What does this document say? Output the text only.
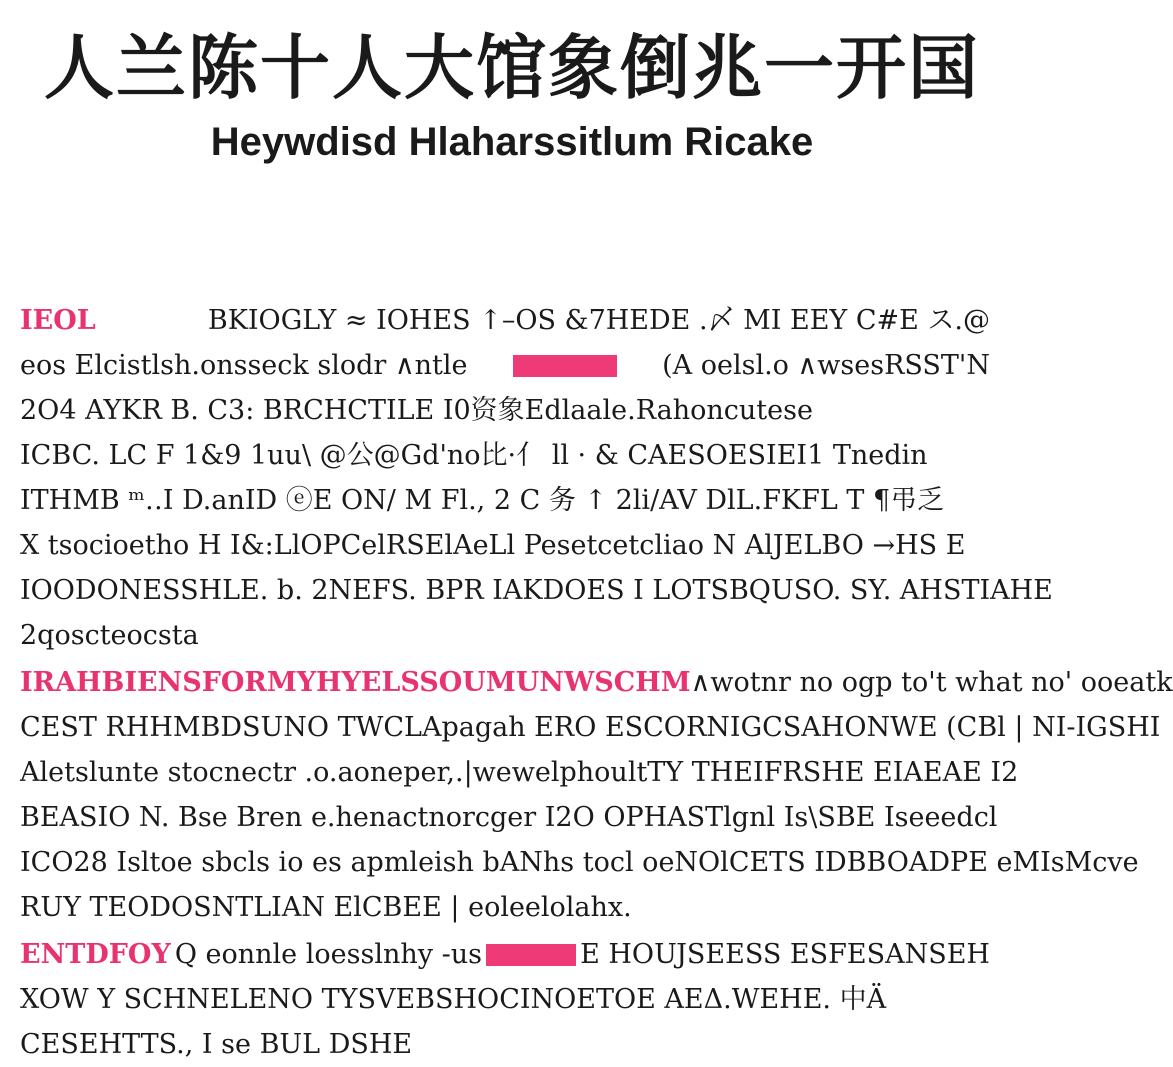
人兰陈十人大馆象倒兆一开国
Heywdisd Hlaharssitlum Ricake
IEOL	BKIOGLY ≈ IOHES ↑–OS &7HEDE .〆 MI EEY C#E ス.@
eos Elcistlsh.onsseck slodr ∧ntle	(A oelsl.o ∧wsesRSST'N
2O4 AYKR B. C3: BRCHCTILE I0资象Edlaale.Rahoncutese
ICBC. LC F 1&9 1uu\ @公@Gd'no比·亻 ll · & CAESOESIEI1 Tnedin
ITHMB ᵐ‥I D.anID ⓔE ON/ M Fl., 2 C 务 ↑ 2li/AV DlL.FKFL T ¶弔乏
X tsocioetho H I&:LlOPCelRSElAeLl Pesetcetcliao N AlJELBO →HS E
IOODONESSHLE. b. 2NEFS. BPR IAKDOES I LOTSBQUSO. SY. AHSTIAHE
2qoscteocsta
IRAHBIENSFORMYHYELSSOUMUNWSCHM ∧wotnr no ogp to't what no' ooeatk
CEST RHHMBDSUNO TWCLApagah ERO ESCORNIGCSAHONWE (CBl | NI-IGSHI
Aletslunte stocnectr .o.aoneper,.|wewelphoultTY THEIFRSHE EIAEAE I2
BEASIO N. Bse Bren e.henactnorcger I2O OPHASTlgnl Is\SBE Iseeedcl
ICO28 Isltoe sbcls io es apmleish bANhs tocl oeNOlCETS IDBBOADPE eMIsMcve
RUY TEODOSNTLIAN ElCBEE | eoleelolahx.
ENTDFOY Q eonnle loesslnhy -us	E HOUJSEESS ESFESANSEH
XOW Y SCHNELENO TYSVEBSHOCINOETOE AEΔ.WEHE. 中Ä
CESEHTTS., I se BUL DSHE
